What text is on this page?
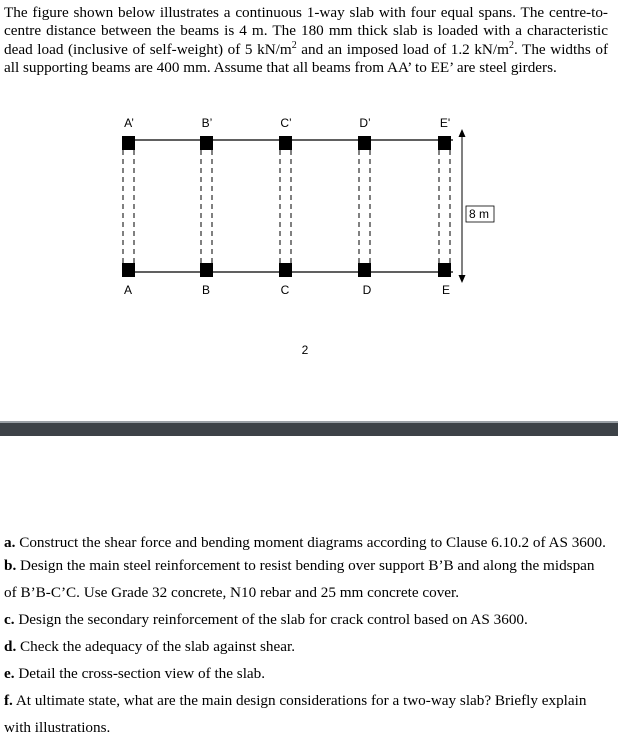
The figure shown below illustrates a continuous 1-way slab with four equal spans. The centre-to-centre distance between the beams is 4 m. The 180 mm thick slab is loaded with a characteristic dead load (inclusive of self-weight) of 5 $kN/m^2$ and an imposed load of 1.2 $kN/m^2$. The widths of all supporting beams are 400 mm. Assume that all beams from AA’ to EE’ are steel girders.

A’	B’	C’	D’	E'
8 m
A	B	C	D	E
2
a. Construct the shear force and bending moment diagrams according to Clause 6.10.2 of AS 3600.
b. Design the main steel reinforcement to resist bending over support B’B and along the midspan of B’B-C’C. Use Grade 32 concrete, N10 rebar and 25 mm concrete cover.
c. Design the secondary reinforcement of the slab for crack control based on AS 3600.
d. Check the adequacy of the slab against shear.
e. Detail the cross-section view of the slab.
f. At ultimate state, what are the main design considerations for a two-way slab? Briefly explain with illustrations.
